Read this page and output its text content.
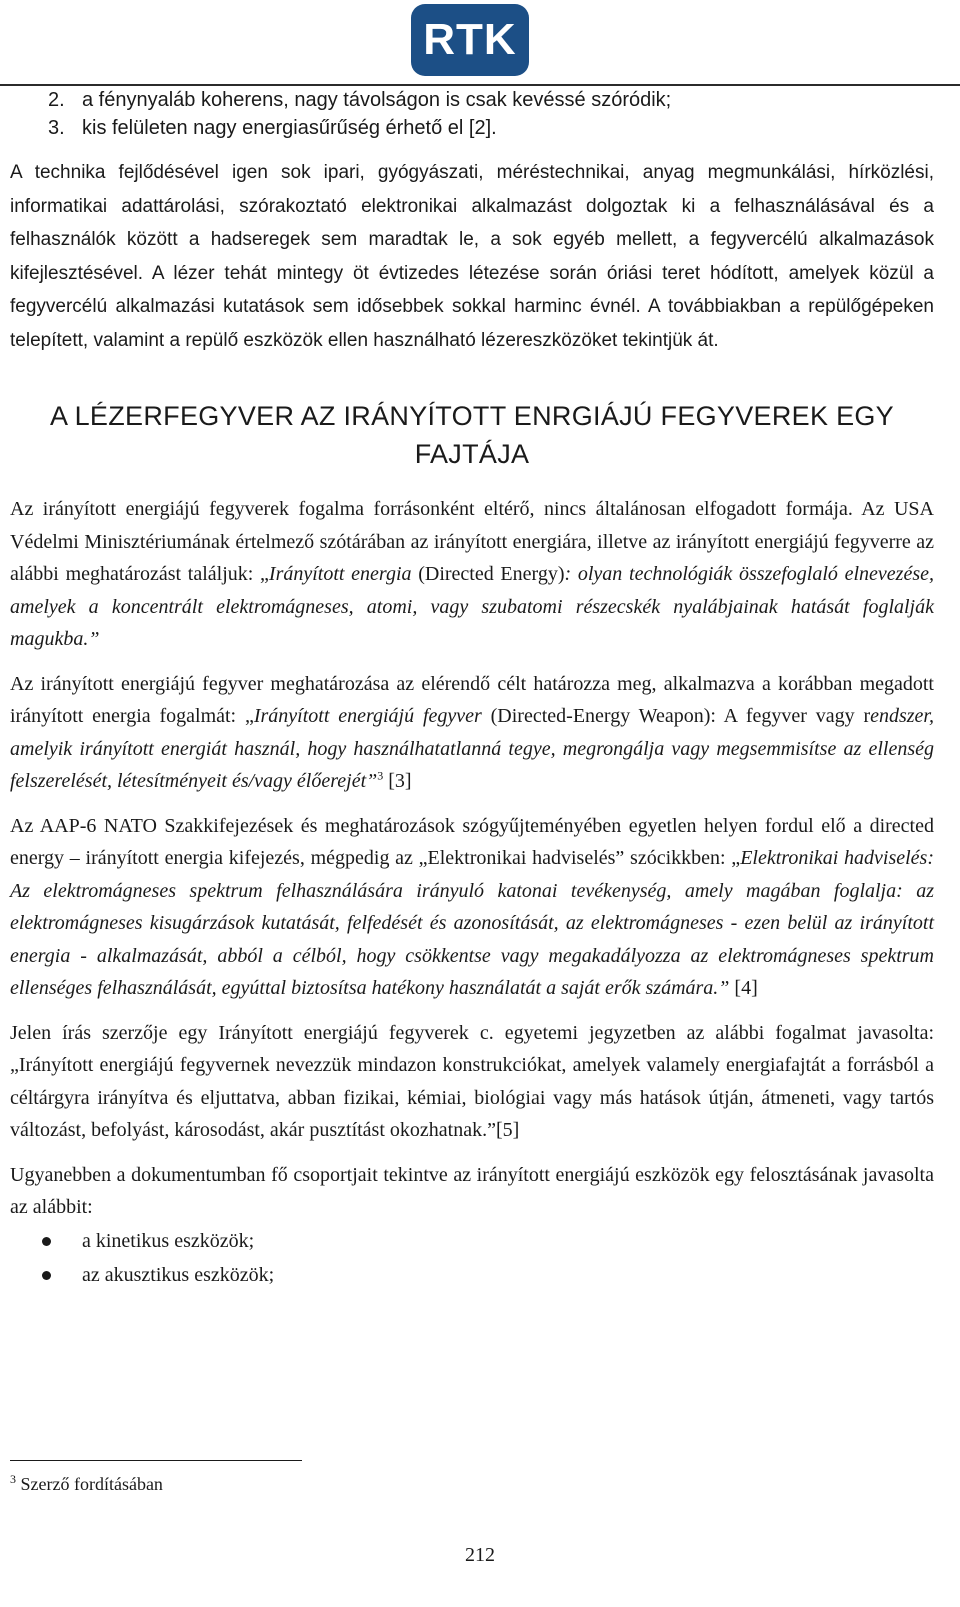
RTK
2. a fénynyaláb koherens, nagy távolságon is csak kevéssé szóródik;
3. kis felületen nagy energiasűrűség érhető el [2].

A technika fejlődésével igen sok ipari, gyógyászati, méréstechnikai, anyag megmunkálási, hírközlési, informatikai adattárolási, szórakoztató elektronikai alkalmazást dolgoztak ki a felhasználásával és a felhasználók között a hadseregek sem maradtak le, a sok egyéb mellett, a fegyvercélú alkalmazások kifejlesztésével. A lézer tehát mintegy öt évtizedes létezése során óriási teret hódított, amelyek közül a fegyvercélú alkalmazási kutatások sem idősebbek sokkal harminc évnél. A továbbiakban a repülőgépeken telepített, valamint a repülő eszközök ellen használható lézereszközöket tekintjük át.

A LÉZERFEGYVER AZ IRÁNYÍTOTT ENRGIÁJÚ FEGYVEREK EGY FAJTÁJA

Az irányított energiájú fegyverek fogalma forrásonként eltérő, nincs általánosan elfogadott formája. Az USA Védelmi Minisztériumának értelmező szótárában az irányított energiára, illetve az irányított energiájú fegyverre az alábbi meghatározást találjuk: „Irányított energia (Directed Energy): olyan technológiák összefoglaló elnevezése, amelyek a koncentrált elektromágneses, atomi, vagy szubatomi részecskék nyalábjainak hatását foglalják magukba.”

Az irányított energiájú fegyver meghatározása az elérendő célt határozza meg, alkalmazva a korábban megadott irányított energia fogalmát: „Irányított energiájú fegyver (Directed-Energy Weapon): A fegyver vagy rendszer, amelyik irányított energiát használ, hogy használhatatlanná tegye, megrongálja vagy megsemmisítse az ellenség felszerelését, létesítményeit és/vagy élőerejét”$^3$ [3]

Az AAP-6 NATO Szakkifejezések és meghatározások szógyűjteményében egyetlen helyen fordul elő a directed energy – irányított energia kifejezés, mégpedig az „Elektronikai hadviselés” szócikkben: „Elektronikai hadviselés: Az elektromágneses spektrum felhasználására irányuló katonai tevékenység, amely magában foglalja: az elektromágneses kisugárzások kutatását, felfedését és azonosítását, az elektromágneses - ezen belül az irányított energia - alkalmazását, abból a célból, hogy csökkentse vagy megakadályozza az elektromágneses spektrum ellenséges felhasználását, egyúttal biztosítsa hatékony használatát a saját erők számára.” [4]

Jelen írás szerzője egy Irányított energiájú fegyverek c. egyetemi jegyzetben az alábbi fogalmat javasolta: „Irányított energiájú fegyvernek nevezzük mindazon konstrukciókat, amelyek valamely energiafajtát a forrásból a céltárgyra irányítva és eljuttatva, abban fizikai, kémiai, biológiai vagy más hatások útján, átmeneti, vagy tartós változást, befolyást, károsodást, akár pusztítást okozhatnak.”[5]

Ugyanebben a dokumentumban fő csoportjait tekintve az irányított energiájú eszközök egy felosztásának javasolta az alábbit:

a kinetikus eszközök;
az akusztikus eszközök;
$^3$ Szerző fordításában
212
